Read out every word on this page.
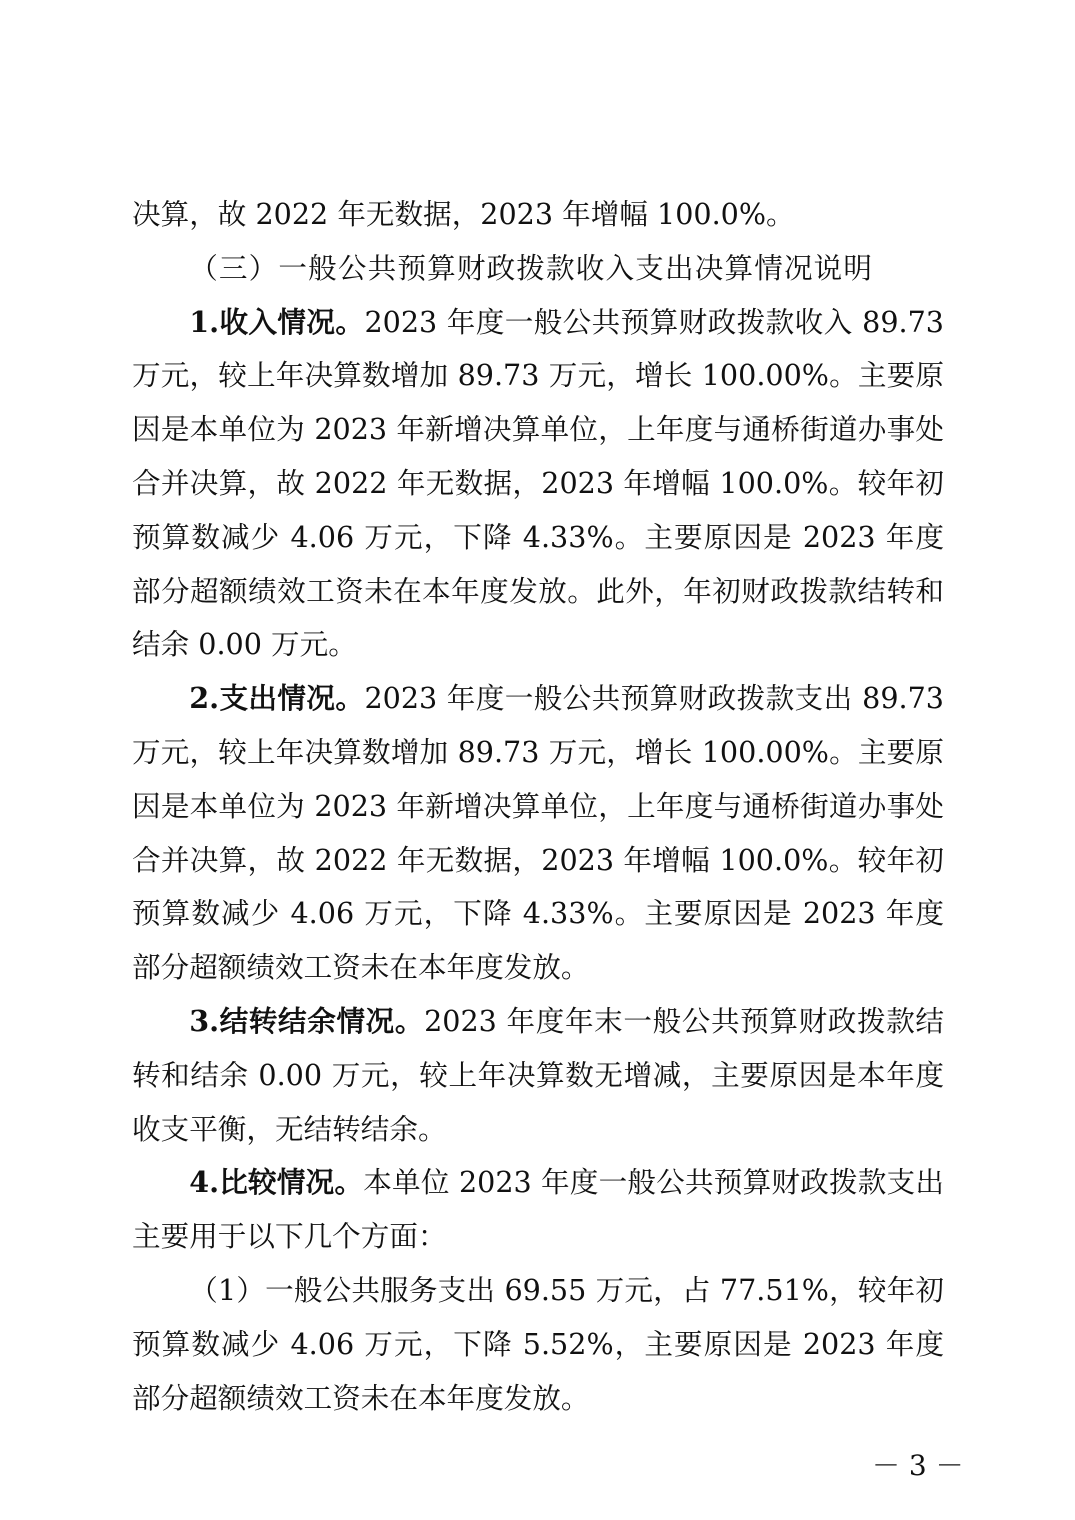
决算，故 2022 年无数据，2023 年增幅 100.0%。

（三）一般公共预算财政拨款收入支出决算情况说明

1.收入情况。2023 年度一般公共预算财政拨款收入 89.73 万元，较上年决算数增加 89.73 万元，增长 100.00%。主要原因是本单位为 2023 年新增决算单位，上年度与通桥街道办事处合并决算，故 2022 年无数据，2023 年增幅 100.0%。较年初预算数减少 4.06 万元，下降 4.33%。主要原因是 2023 年度部分超额绩效工资未在本年度发放。此外，年初财政拨款结转和结余 0.00 万元。

2.支出情况。2023 年度一般公共预算财政拨款支出 89.73 万元，较上年决算数增加 89.73 万元，增长 100.00%。主要原因是本单位为 2023 年新增决算单位，上年度与通桥街道办事处合并决算，故 2022 年无数据，2023 年增幅 100.0%。较年初预算数减少 4.06 万元，下降 4.33%。主要原因是 2023 年度部分超额绩效工资未在本年度发放。

3.结转结余情况。2023 年度年末一般公共预算财政拨款结转和结余 0.00 万元，较上年决算数无增减，主要原因是本年度收支平衡，无结转结余。

4.比较情况。本单位 2023 年度一般公共预算财政拨款支出主要用于以下几个方面：

（1）一般公共服务支出 69.55 万元，占 77.51%，较年初预算数减少 4.06 万元，下降 5.52%，主要原因是 2023 年度部分超额绩效工资未在本年度发放。

－ 3 －
